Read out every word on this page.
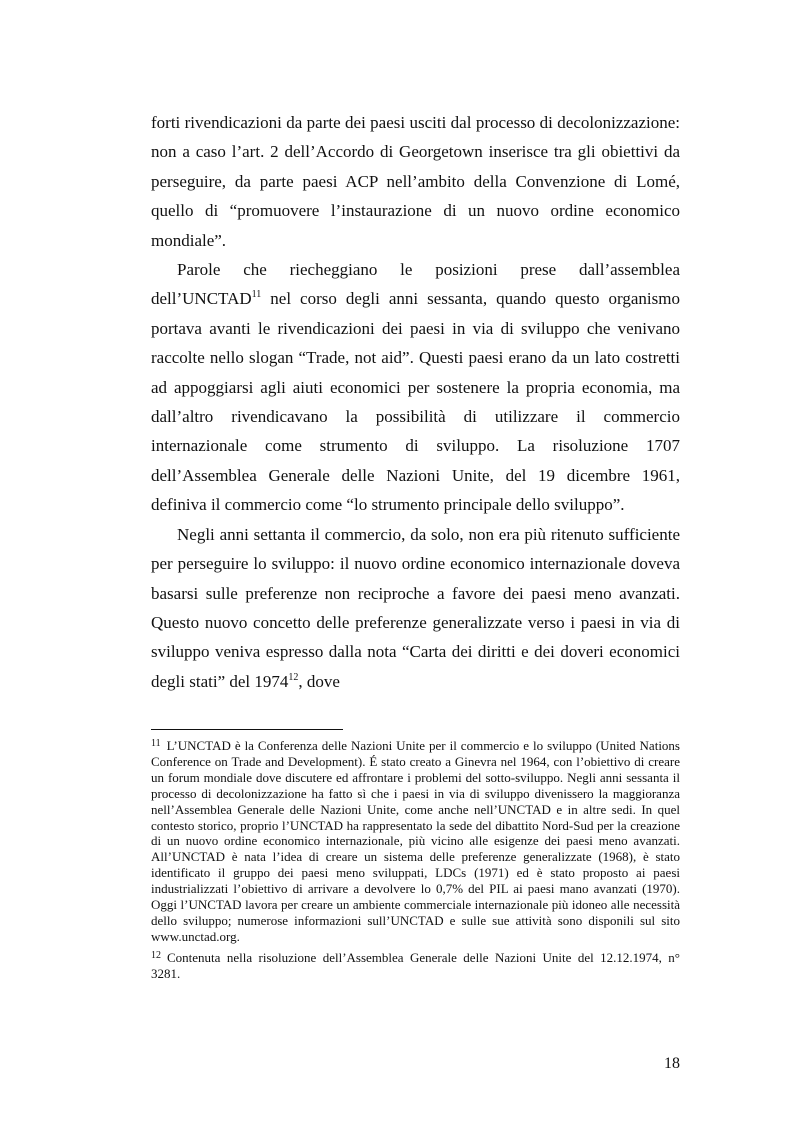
forti rivendicazioni da parte dei paesi usciti dal processo di decolonizzazione: non a caso l’art. 2 dell’Accordo di Georgetown inserisce tra gli obiettivi da perseguire, da parte paesi ACP nell’ambito della Convenzione di Lomé, quello di “promuovere l’instaurazione di un nuovo ordine economico mondiale”.

Parole che riecheggiano le posizioni prese dall’assemblea dell’UNCTAD$^{11}$ nel corso degli anni sessanta, quando questo organismo portava avanti le rivendicazioni dei paesi in via di sviluppo che venivano raccolte nello slogan “Trade, not aid”. Questi paesi erano da un lato costretti ad appoggiarsi agli aiuti economici per sostenere la propria economia, ma dall’altro rivendicavano la possibilità di utilizzare il commercio internazionale come strumento di sviluppo. La risoluzione 1707 dell’Assemblea Generale delle Nazioni Unite, del 19 dicembre 1961, definiva il commercio come “lo strumento principale dello sviluppo”.

Negli anni settanta il commercio, da solo, non era più ritenuto sufficiente per perseguire lo sviluppo: il nuovo ordine economico internazionale doveva basarsi sulle preferenze non reciproche a favore dei paesi meno avanzati. Questo nuovo concetto delle preferenze generalizzate verso i paesi in via di sviluppo veniva espresso dalla nota “Carta dei diritti e dei doveri economici degli stati” del 1974$^{12}$, dove

$^{11}$ L’UNCTAD è la Conferenza delle Nazioni Unite per il commercio e lo sviluppo (United Nations Conference on Trade and Development). É stato creato a Ginevra nel 1964, con l’obiettivo di creare un forum mondiale dove discutere ed affrontare i problemi del sotto-sviluppo. Negli anni sessanta il processo di decolonizzazione ha fatto sì che i paesi in via di sviluppo divenissero la maggioranza nell’Assemblea Generale delle Nazioni Unite, come anche nell’UNCTAD e in altre sedi. In quel contesto storico, proprio l’UNCTAD ha rappresentato la sede del dibattito Nord-Sud per la creazione di un nuovo ordine economico internazionale, più vicino alle esigenze dei paesi meno avanzati. All’UNCTAD è nata l’idea di creare un sistema delle preferenze generalizzate (1968), è stato identificato il gruppo dei paesi meno sviluppati, LDCs (1971) ed è stato proposto ai paesi industrializzati l’obiettivo di arrivare a devolvere lo 0,7% del PIL ai paesi mano avanzati (1970). Oggi l’UNCTAD lavora per creare un ambiente commerciale internazionale più idoneo alle necessità dello sviluppo; numerose informazioni sull’UNCTAD e sulle sue attività sono disponili sul sito www.unctad.org.

$^{12}$ Contenuta nella risoluzione dell’Assemblea Generale delle Nazioni Unite del 12.12.1974, n° 3281.

18
